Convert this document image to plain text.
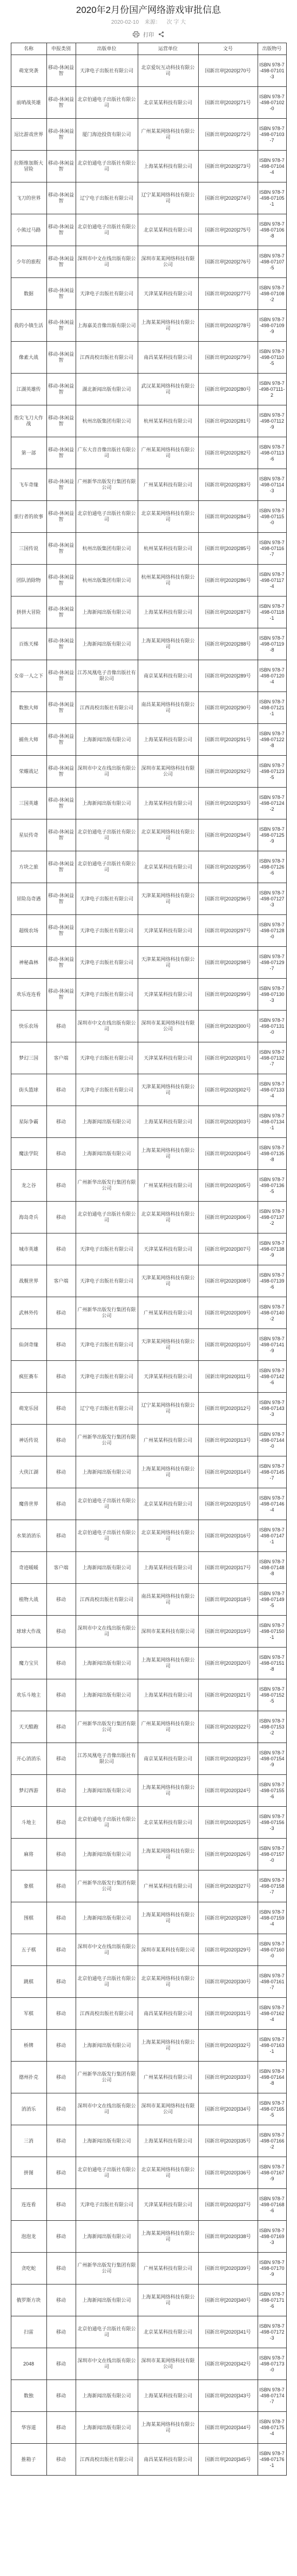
2020年2月份国产网络游戏审批信息
2020-02-10 来源： 次 字 大
打印
名称	申报类别	出版单位	运营单位	文号	出版物号
萌宠突袭	移动-休闲益智	天津电子出版社有限公司	北京爱玩互动科技有限公司	国新出审[2020]270号	ISBN 978-7-498-07101-3
前哨战英雄	移动-休闲益智	北京伯通电子出版社有限公司	北京某某科技有限公司	国新出审[2020]271号	ISBN 978-7-498-07102-0
逗比游戏世界	移动-休闲益智	厦门海沧投资有限公司	广州某某网络科技有限公司	国新出审[2020]272号	ISBN 978-7-498-07103-7
拉斯维加斯大冒险	移动-休闲益智	北京伯通电子出版社有限公司	上海某某科技有限公司	国新出审[2020]273号	ISBN 978-7-498-07104-4
飞刀的世界	移动-休闲益智	辽宁电子出版社有限公司	辽宁某某网络科技有限公司	国新出审[2020]274号	ISBN 978-7-498-07105-1
小熊过马路	移动-休闲益智	北京伯通电子出版社有限公司	北京某某科技有限公司	国新出审[2020]275号	ISBN 978-7-498-07106-8
少年的旅程	移动-休闲益智	深圳市中文在线出版有限公司	深圳市某某网络科技有限公司	国新出审[2020]276号	ISBN 978-7-498-07107-5
数据	移动-休闲益智	天津电子出版社有限公司	天津某某科技有限公司	国新出审[2020]277号	ISBN 978-7-498-07108-2
我的小镇生活	移动-休闲益智	上海嘉美音像出版有限公司	上海某某网络科技有限公司	国新出审[2020]278号	ISBN 978-7-498-07109-9
像素大战	移动-休闲益智	江西高校出版社有限公司	南昌某某科技有限公司	国新出审[2020]279号	ISBN 978-7-498-07110-5
江湖英雄传	移动-休闲益智	湖北新闻出版有限公司	武汉某某网络科技有限公司	国新出审[2020]280号	ISBN 978-7-498-07111-2
指尖飞刀大作战	移动-休闲益智	杭州出版集团有限公司	杭州某某科技有限公司	国新出审[2020]281号	ISBN 978-7-498-07112-9
第一部	移动-休闲益智	广东大音音像出版社有限公司	广州某某网络科技有限公司	国新出审[2020]282号	ISBN 978-7-498-07113-6
飞车奇缘	移动-休闲益智	广州新华出版发行集团有限公司	广州某某科技有限公司	国新出审[2020]283号	ISBN 978-7-498-07114-3
旅行者的故事	移动-休闲益智	北京伯通电子出版社有限公司	北京某某网络科技有限公司	国新出审[2020]284号	ISBN 978-7-498-07115-0
三国传说	移动-休闲益智	杭州出版集团有限公司	杭州某某科技有限公司	国新出审[2020]285号	ISBN 978-7-498-07116-7
团队消除物	移动-休闲益智	杭州出版集团有限公司	杭州某某网络科技有限公司	国新出审[2020]286号	ISBN 978-7-498-07117-4
拼拼大冒险	移动-休闲益智	上海新闻出版有限公司	上海某某科技有限公司	国新出审[2020]287号	ISBN 978-7-498-07118-1
百炼天梯	移动-休闲益智	上海新闻出版有限公司	上海某某网络科技有限公司	国新出审[2020]288号	ISBN 978-7-498-07119-8
女帝一人之下	移动-休闲益智	江苏凤凰电子音像出版社有限公司	南京某某科技有限公司	国新出审[2020]289号	ISBN 978-7-498-07120-4
数独大师	移动-休闲益智	江西高校出版社有限公司	南昌某某网络科技有限公司	国新出审[2020]290号	ISBN 978-7-498-07121-1
捕鱼大师	移动-休闲益智	上海新闻出版有限公司	上海某某科技有限公司	国新出审[2020]291号	ISBN 978-7-498-07122-8
荣耀战记	移动-休闲益智	深圳市中文在线出版有限公司	深圳市某某网络科技有限公司	国新出审[2020]292号	ISBN 978-7-498-07123-5
三国英雄	移动-休闲益智	上海新闻出版有限公司	上海某某科技有限公司	国新出审[2020]293号	ISBN 978-7-498-07124-2
星辰传奇	移动-休闲益智	北京伯通电子出版社有限公司	北京某某网络科技有限公司	国新出审[2020]294号	ISBN 978-7-498-07125-9
方块之旅	移动-休闲益智	北京伯通电子出版社有限公司	北京某某科技有限公司	国新出审[2020]295号	ISBN 978-7-498-07126-6
冒险岛奇遇	移动-休闲益智	天津电子出版社有限公司	天津某某网络科技有限公司	国新出审[2020]296号	ISBN 978-7-498-07127-3
超级农场	移动-休闲益智	天津电子出版社有限公司	天津某某科技有限公司	国新出审[2020]297号	ISBN 978-7-498-07128-0
神秘森林	移动-休闲益智	天津电子出版社有限公司	天津某某网络科技有限公司	国新出审[2020]298号	ISBN 978-7-498-07129-7
欢乐连连看	移动-休闲益智	天津电子出版社有限公司	天津某某科技有限公司	国新出审[2020]299号	ISBN 978-7-498-07130-3
快乐农场	移动	深圳市中文在线出版有限公司	深圳市某某网络科技有限公司	国新出审[2020]300号	ISBN 978-7-498-07131-0
梦幻三国	客户端	天津电子出版社有限公司	天津某某科技有限公司	国新出审[2020]301号	ISBN 978-7-498-07132-7
街头篮球	移动	天津电子出版社有限公司	天津某某网络科技有限公司	国新出审[2020]302号	ISBN 978-7-498-07133-4
星际争霸	移动	上海新闻出版有限公司	上海某某科技有限公司	国新出审[2020]303号	ISBN 978-7-498-07134-1
魔法学院	移动	上海新闻出版有限公司	上海某某网络科技有限公司	国新出审[2020]304号	ISBN 978-7-498-07135-8
龙之谷	移动	广州新华出版发行集团有限公司	广州某某科技有限公司	国新出审[2020]305号	ISBN 978-7-498-07136-5
海岛奇兵	移动	北京伯通电子出版社有限公司	北京某某网络科技有限公司	国新出审[2020]306号	ISBN 978-7-498-07137-2
城市英雄	移动	天津电子出版社有限公司	天津某某科技有限公司	国新出审[2020]307号	ISBN 978-7-498-07138-9
战舰世界	客户端	天津电子出版社有限公司	天津某某网络科技有限公司	国新出审[2020]308号	ISBN 978-7-498-07139-6
武林外传	移动	广州新华出版发行集团有限公司	广州某某科技有限公司	国新出审[2020]309号	ISBN 978-7-498-07140-2
仙剑奇缘	移动	天津电子出版社有限公司	天津某某网络科技有限公司	国新出审[2020]310号	ISBN 978-7-498-07141-9
疯狂赛车	移动	天津电子出版社有限公司	天津某某科技有限公司	国新出审[2020]311号	ISBN 978-7-498-07142-6
萌宠乐园	移动	辽宁电子出版社有限公司	辽宁某某网络科技有限公司	国新出审[2020]312号	ISBN 978-7-498-07143-3
神话传说	移动	广州新华出版发行集团有限公司	广州某某科技有限公司	国新出审[2020]313号	ISBN 978-7-498-07144-0
大侠江湖	移动	上海新闻出版有限公司	上海某某网络科技有限公司	国新出审[2020]314号	ISBN 978-7-498-07145-7
魔兽世界	移动	北京伯通电子出版社有限公司	北京某某科技有限公司	国新出审[2020]315号	ISBN 978-7-498-07146-4
水果消消乐	移动	北京伯通电子出版社有限公司	北京某某网络科技有限公司	国新出审[2020]316号	ISBN 978-7-498-07147-1
奇迹暖暖	客户端	上海新闻出版有限公司	上海某某科技有限公司	国新出审[2020]317号	ISBN 978-7-498-07148-8
植物大战	移动	江西高校出版社有限公司	南昌某某网络科技有限公司	国新出审[2020]318号	ISBN 978-7-498-07149-5
球球大作战	移动	深圳市中文在线出版有限公司	深圳市某某科技有限公司	国新出审[2020]319号	ISBN 978-7-498-07150-1
魔力宝贝	移动	上海新闻出版有限公司	上海某某网络科技有限公司	国新出审[2020]320号	ISBN 978-7-498-07151-8
欢乐斗地主	移动	上海新闻出版有限公司	上海某某科技有限公司	国新出审[2020]321号	ISBN 978-7-498-07152-5
天天酷跑	移动	广州新华出版发行集团有限公司	广州某某网络科技有限公司	国新出审[2020]322号	ISBN 978-7-498-07153-2
开心消消乐	移动	江苏凤凰电子音像出版社有限公司	南京某某科技有限公司	国新出审[2020]323号	ISBN 978-7-498-07154-9
梦幻西游	移动	上海新闻出版有限公司	上海某某网络科技有限公司	国新出审[2020]324号	ISBN 978-7-498-07155-6
斗地主	移动	北京伯通电子出版社有限公司	北京某某科技有限公司	国新出审[2020]325号	ISBN 978-7-498-07156-3
麻将	移动	上海新闻出版有限公司	上海某某网络科技有限公司	国新出审[2020]326号	ISBN 978-7-498-07157-0
象棋	移动	广州新华出版发行集团有限公司	广州某某科技有限公司	国新出审[2020]327号	ISBN 978-7-498-07158-7
围棋	移动	上海新闻出版有限公司	上海某某网络科技有限公司	国新出审[2020]328号	ISBN 978-7-498-07159-4
五子棋	移动	深圳市中文在线出版有限公司	深圳市某某科技有限公司	国新出审[2020]329号	ISBN 978-7-498-07160-0
跳棋	移动	北京伯通电子出版社有限公司	北京某某网络科技有限公司	国新出审[2020]330号	ISBN 978-7-498-07161-7
军棋	移动	江西高校出版社有限公司	南昌某某科技有限公司	国新出审[2020]331号	ISBN 978-7-498-07162-4
桥牌	移动	上海新闻出版有限公司	上海某某网络科技有限公司	国新出审[2020]332号	ISBN 978-7-498-07163-1
德州扑克	移动	广州新华出版发行集团有限公司	广州某某科技有限公司	国新出审[2020]333号	ISBN 978-7-498-07164-8
消消乐	移动	深圳市中文在线出版有限公司	深圳市某某网络科技有限公司	国新出审[2020]334号	ISBN 978-7-498-07165-5
三消	移动	上海新闻出版有限公司	上海某某科技有限公司	国新出审[2020]335号	ISBN 978-7-498-07166-2
拼图	移动	北京伯通电子出版社有限公司	北京某某网络科技有限公司	国新出审[2020]336号	ISBN 978-7-498-07167-9
连连看	移动	天津电子出版社有限公司	天津某某科技有限公司	国新出审[2020]337号	ISBN 978-7-498-07168-6
泡泡龙	移动	上海新闻出版有限公司	上海某某网络科技有限公司	国新出审[2020]338号	ISBN 978-7-498-07169-3
贪吃蛇	移动	广州新华出版发行集团有限公司	广州某某科技有限公司	国新出审[2020]339号	ISBN 978-7-498-07170-9
俄罗斯方块	移动	上海新闻出版有限公司	上海某某网络科技有限公司	国新出审[2020]340号	ISBN 978-7-498-07171-6
扫雷	移动	北京伯通电子出版社有限公司	北京某某科技有限公司	国新出审[2020]341号	ISBN 978-7-498-07172-3
2048	移动	深圳市中文在线出版有限公司	深圳市某某网络科技有限公司	国新出审[2020]342号	ISBN 978-7-498-07173-0
数独	移动	上海新闻出版有限公司	上海某某科技有限公司	国新出审[2020]343号	ISBN 978-7-498-07174-7
华容道	移动	上海新闻出版有限公司	上海某某网络科技有限公司	国新出审[2020]344号	ISBN 978-7-498-07175-4
推箱子	移动	江西高校出版社有限公司	南昌某某科技有限公司	国新出审[2020]345号	ISBN 978-7-498-07176-1
